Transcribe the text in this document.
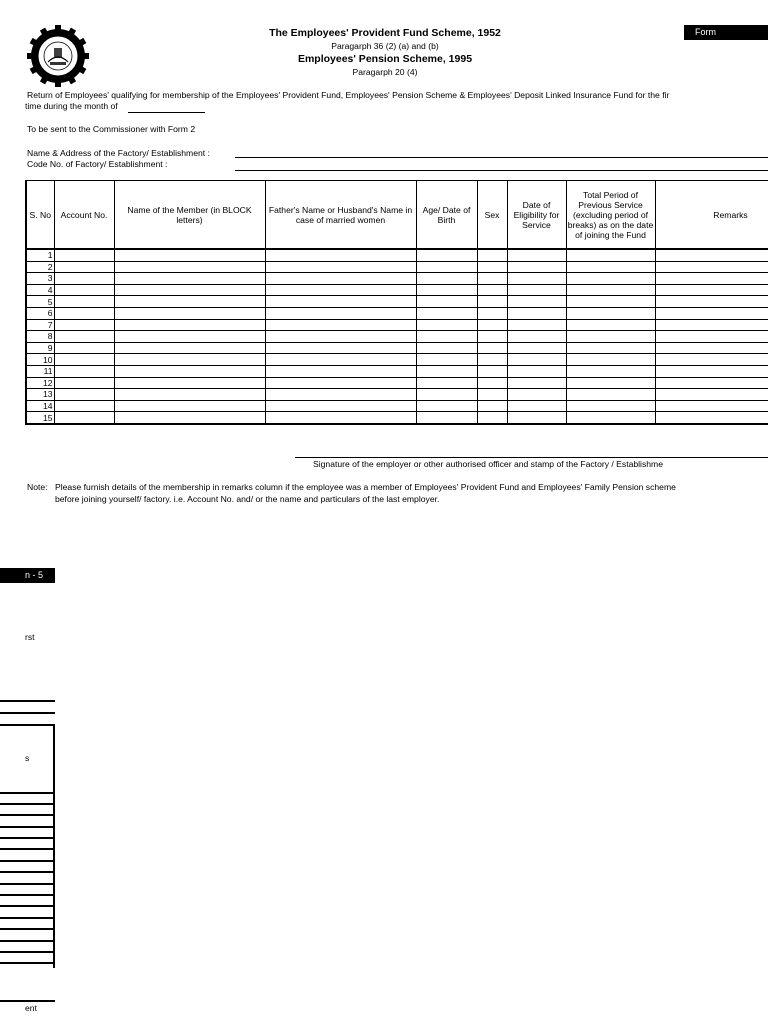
The Employees' Provident Fund Scheme, 1952
Paragarph 36 (2) (a) and (b)
Employees' Pension Scheme, 1995
Paragarph 20 (4)
Form
Return of Employees' qualifying for membership of the Employees' Provident Fund, Employees' Pension Scheme & Employees' Deposit Linked Insurance Fund for the fir
time during the month of
To be sent to the Commissioner with Form 2
Name & Address of the Factory/ Establishment :
Code No. of Factory/ Establishment :
S. No	Account No.	Name of the Member (in BLOCK letters)	Father's Name or Husband's Name in case of married women	Age/ Date of Birth	Sex	Date of Eligibility for Service	Total Period of Previous Service (excluding period of breaks) as on the date of joining the Fund	Remarks
1								
2								
3								
4								
5								
6								
7								
8								
9								
10								
11								
12								
13								
14								
15								
Signature of the employer or other authorised officer and stamp of the Factory / Establishme
Note: Please furnish details of the membership in remarks column if the employee was a member of Employees' Provident Fund and Employees' Family Pension scheme
before joining yourself/ factory. i.e. Account No. and/ or the name and particulars of the last employer.
n - 5
rst
s
ent
